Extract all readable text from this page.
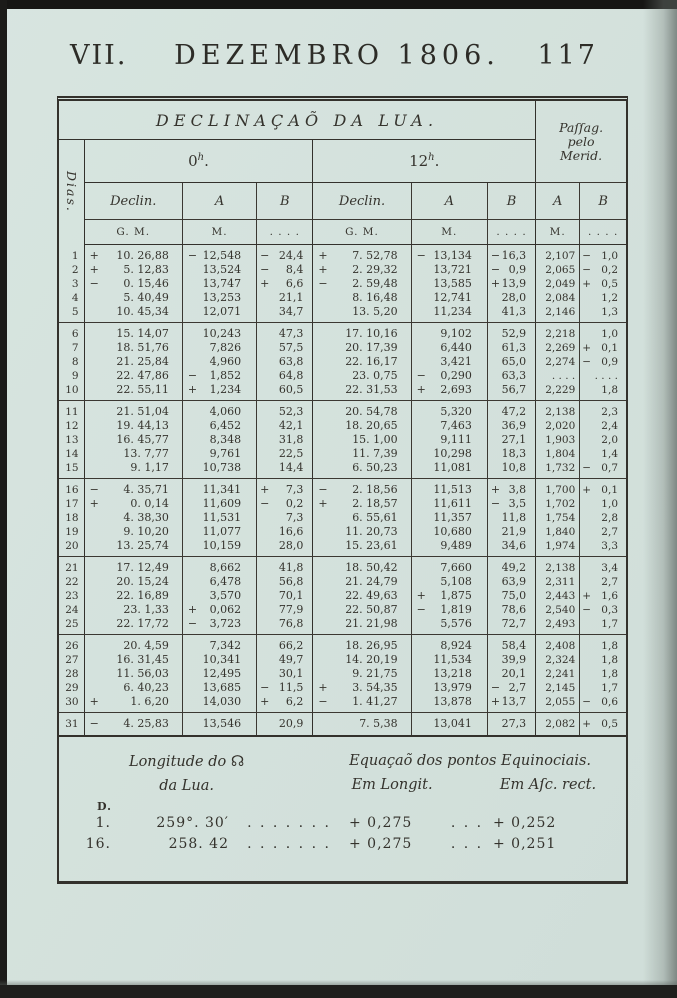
VII.	DEZEMBRO 1806.	117
DECLINAÇAÕ DA LUA.							Paſſag.
pelo
Merid.	

Dias.	0$^h$.			12$^h$.				
	Declin.	A	B	Declin.	A	B	A	B
	G. M.	M.	. . . .	G. M.	M.	. . . .	M.	. . . .
1	+ 10. 26,88	− 12,548	− 24,4	+ 7. 52,78	− 13,134	− 16,3	2,107	− 1,0
2	+ 5. 12,83	13,524	− 8,4	+ 2. 29,32	13,721	− 0,9	2,065	− 0,2
3	− 0. 15,46	13,747	+ 6,6	− 2. 59,48	13,585	+ 13,9	2,049	+ 0,5
4	5. 40,49	13,253	21,1	8. 16,48	12,741	28,0	2,084	1,2
5	10. 45,34	12,071	34,7	13. 5,20	11,234	41,3	2,146	1,3
6	15. 14,07	10,243	47,3	17. 10,16	9,102	52,9	2,218	1,0
7	18. 51,76	7,826	57,5	20. 17,39	6,440	61,3	2,269	+ 0,1
8	21. 25,84	4,960	63,8	22. 16,17	3,421	65,0	2,274	− 0,9
9	22. 47,86	− 1,852	64,8	23. 0,75	− 0,290	63,3	. . . .	. . . .
10	22. 55,11	+ 1,234	60,5	22. 31,53	+ 2,693	56,7	2,229	1,8
11	21. 51,04	4,060	52,3	20. 54,78	5,320	47,2	2,138	2,3
12	19. 44,13	6,452	42,1	18. 20,65	7,463	36,9	2,020	2,4
13	16. 45,77	8,348	31,8	15. 1,00	9,111	27,1	1,903	2,0
14	13. 7,77	9,761	22,5	11. 7,39	10,298	18,3	1,804	1,4
15	9. 1,17	10,738	14,4	6. 50,23	11,081	10,8	1,732	− 0,7
16	− 4. 35,71	11,341	+ 7,3	− 2. 18,56	11,513	+ 3,8	1,700	+ 0,1
17	+ 0. 0,14	11,609	− 0,2	+ 2. 18,57	11,611	− 3,5	1,702	1,0
18	4. 38,30	11,531	7,3	6. 55,61	11,357	11,8	1,754	2,8
19	9. 10,20	11,077	16,6	11. 20,73	10,680	21,9	1,840	2,7
20	13. 25,74	10,159	28,0	15. 23,61	9,489	34,6	1,974	3,3
21	17. 12,49	8,662	41,8	18. 50,42	7,660	49,2	2,138	3,4
22	20. 15,24	6,478	56,8	21. 24,79	5,108	63,9	2,311	2,7
23	22. 16,89	3,570	70,1	22. 49,63	+ 1,875	75,0	2,443	+ 1,6
24	23. 1,33	+ 0,062	77,9	22. 50,87	− 1,819	78,6	2,540	− 0,3
25	22. 17,72	− 3,723	76,8	21. 21,98	5,576	72,7	2,493	1,7
26	20. 4,59	7,342	66,2	18. 26,95	8,924	58,4	2,408	1,8
27	16. 31,45	10,341	49,7	14. 20,19	11,534	39,9	2,324	1,8
28	11. 56,03	12,495	30,1	9. 21,75	13,218	20,1	2,241	1,8
29	6. 40,23	13,685	− 11,5	+ 3. 54,35	13,979	− 2,7	2,145	1,7
30	+ 1. 6,20	14,030	+ 6,2	− 1. 41,27	13,878	+ 13,7	2,055	− 0,6
31	− 4. 25,83	13,546	20,9	7. 5,38	13,041	27,3	2,082	+ 0,5
Longitude do ☊
da Lua.
Equaçaõ dos pontos Equinociais.
Em Longit.	Em Aſc. rect.
D.
1.	259°. 30′	. . . . . . .	+ 0,275	. . . + 0,252
16.	258. 42	. . . . . . .	+ 0,275	. . . + 0,251
